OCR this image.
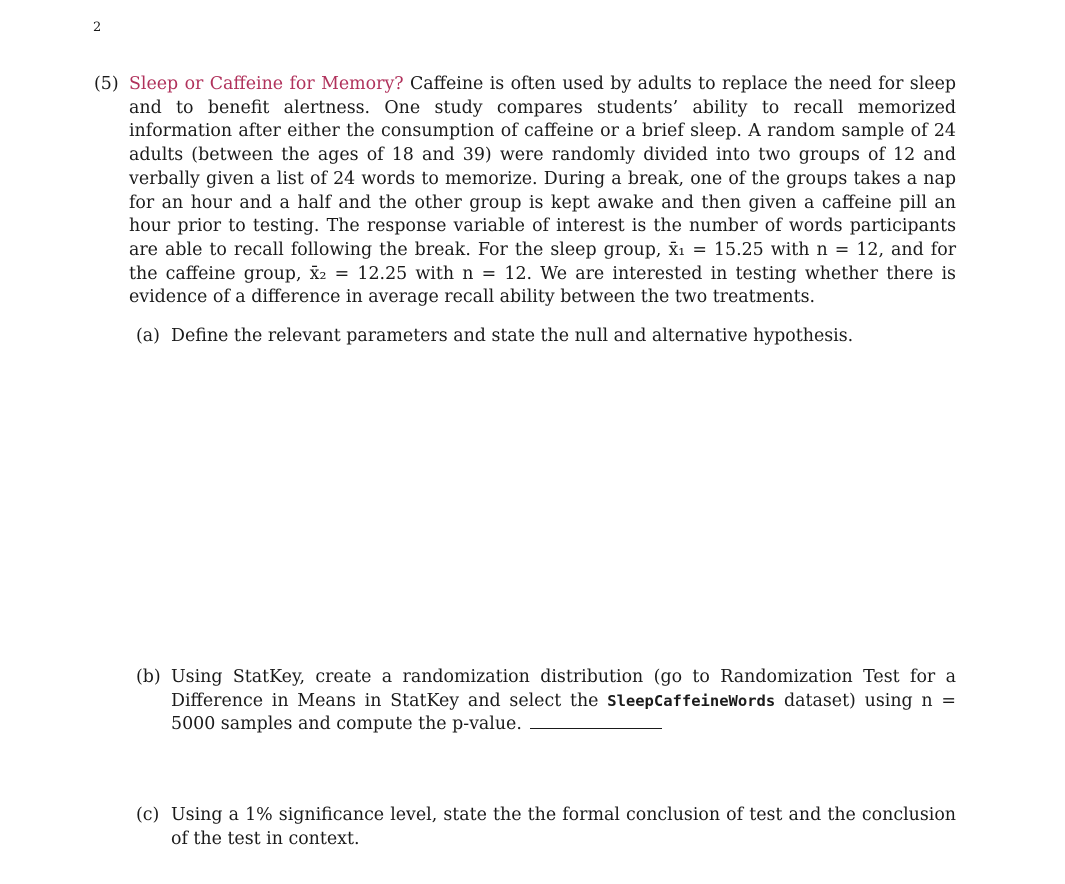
2
(5) Sleep or Caffeine for Memory? Caffeine is often used by adults to replace the need for sleep and to benefit alertness. One study compares students’ ability to recall memorized information after either the consumption of caffeine or a brief sleep. A random sample of 24 adults (between the ages of 18 and 39) were randomly divided into two groups of 12 and verbally given a list of 24 words to memorize. During a break, one of the groups takes a nap for an hour and a half and the other group is kept awake and then given a caffeine pill an hour prior to testing. The response variable of interest is the number of words participants are able to recall following the break. For the sleep group, x̄₁ = 15.25 with n = 12, and for the caffeine group, x̄₂ = 12.25 with n = 12. We are interested in testing whether there is evidence of a difference in average recall ability between the two treatments.
(a) Define the relevant parameters and state the null and alternative hypothesis.
(b) Using StatKey, create a randomization distribution (go to Randomization Test for a Difference in Means in StatKey and select the SleepCaffeineWords dataset) using n = 5000 samples and compute the p-value.
(c) Using a 1% significance level, state the the formal conclusion of test and the conclusion of the test in context.
